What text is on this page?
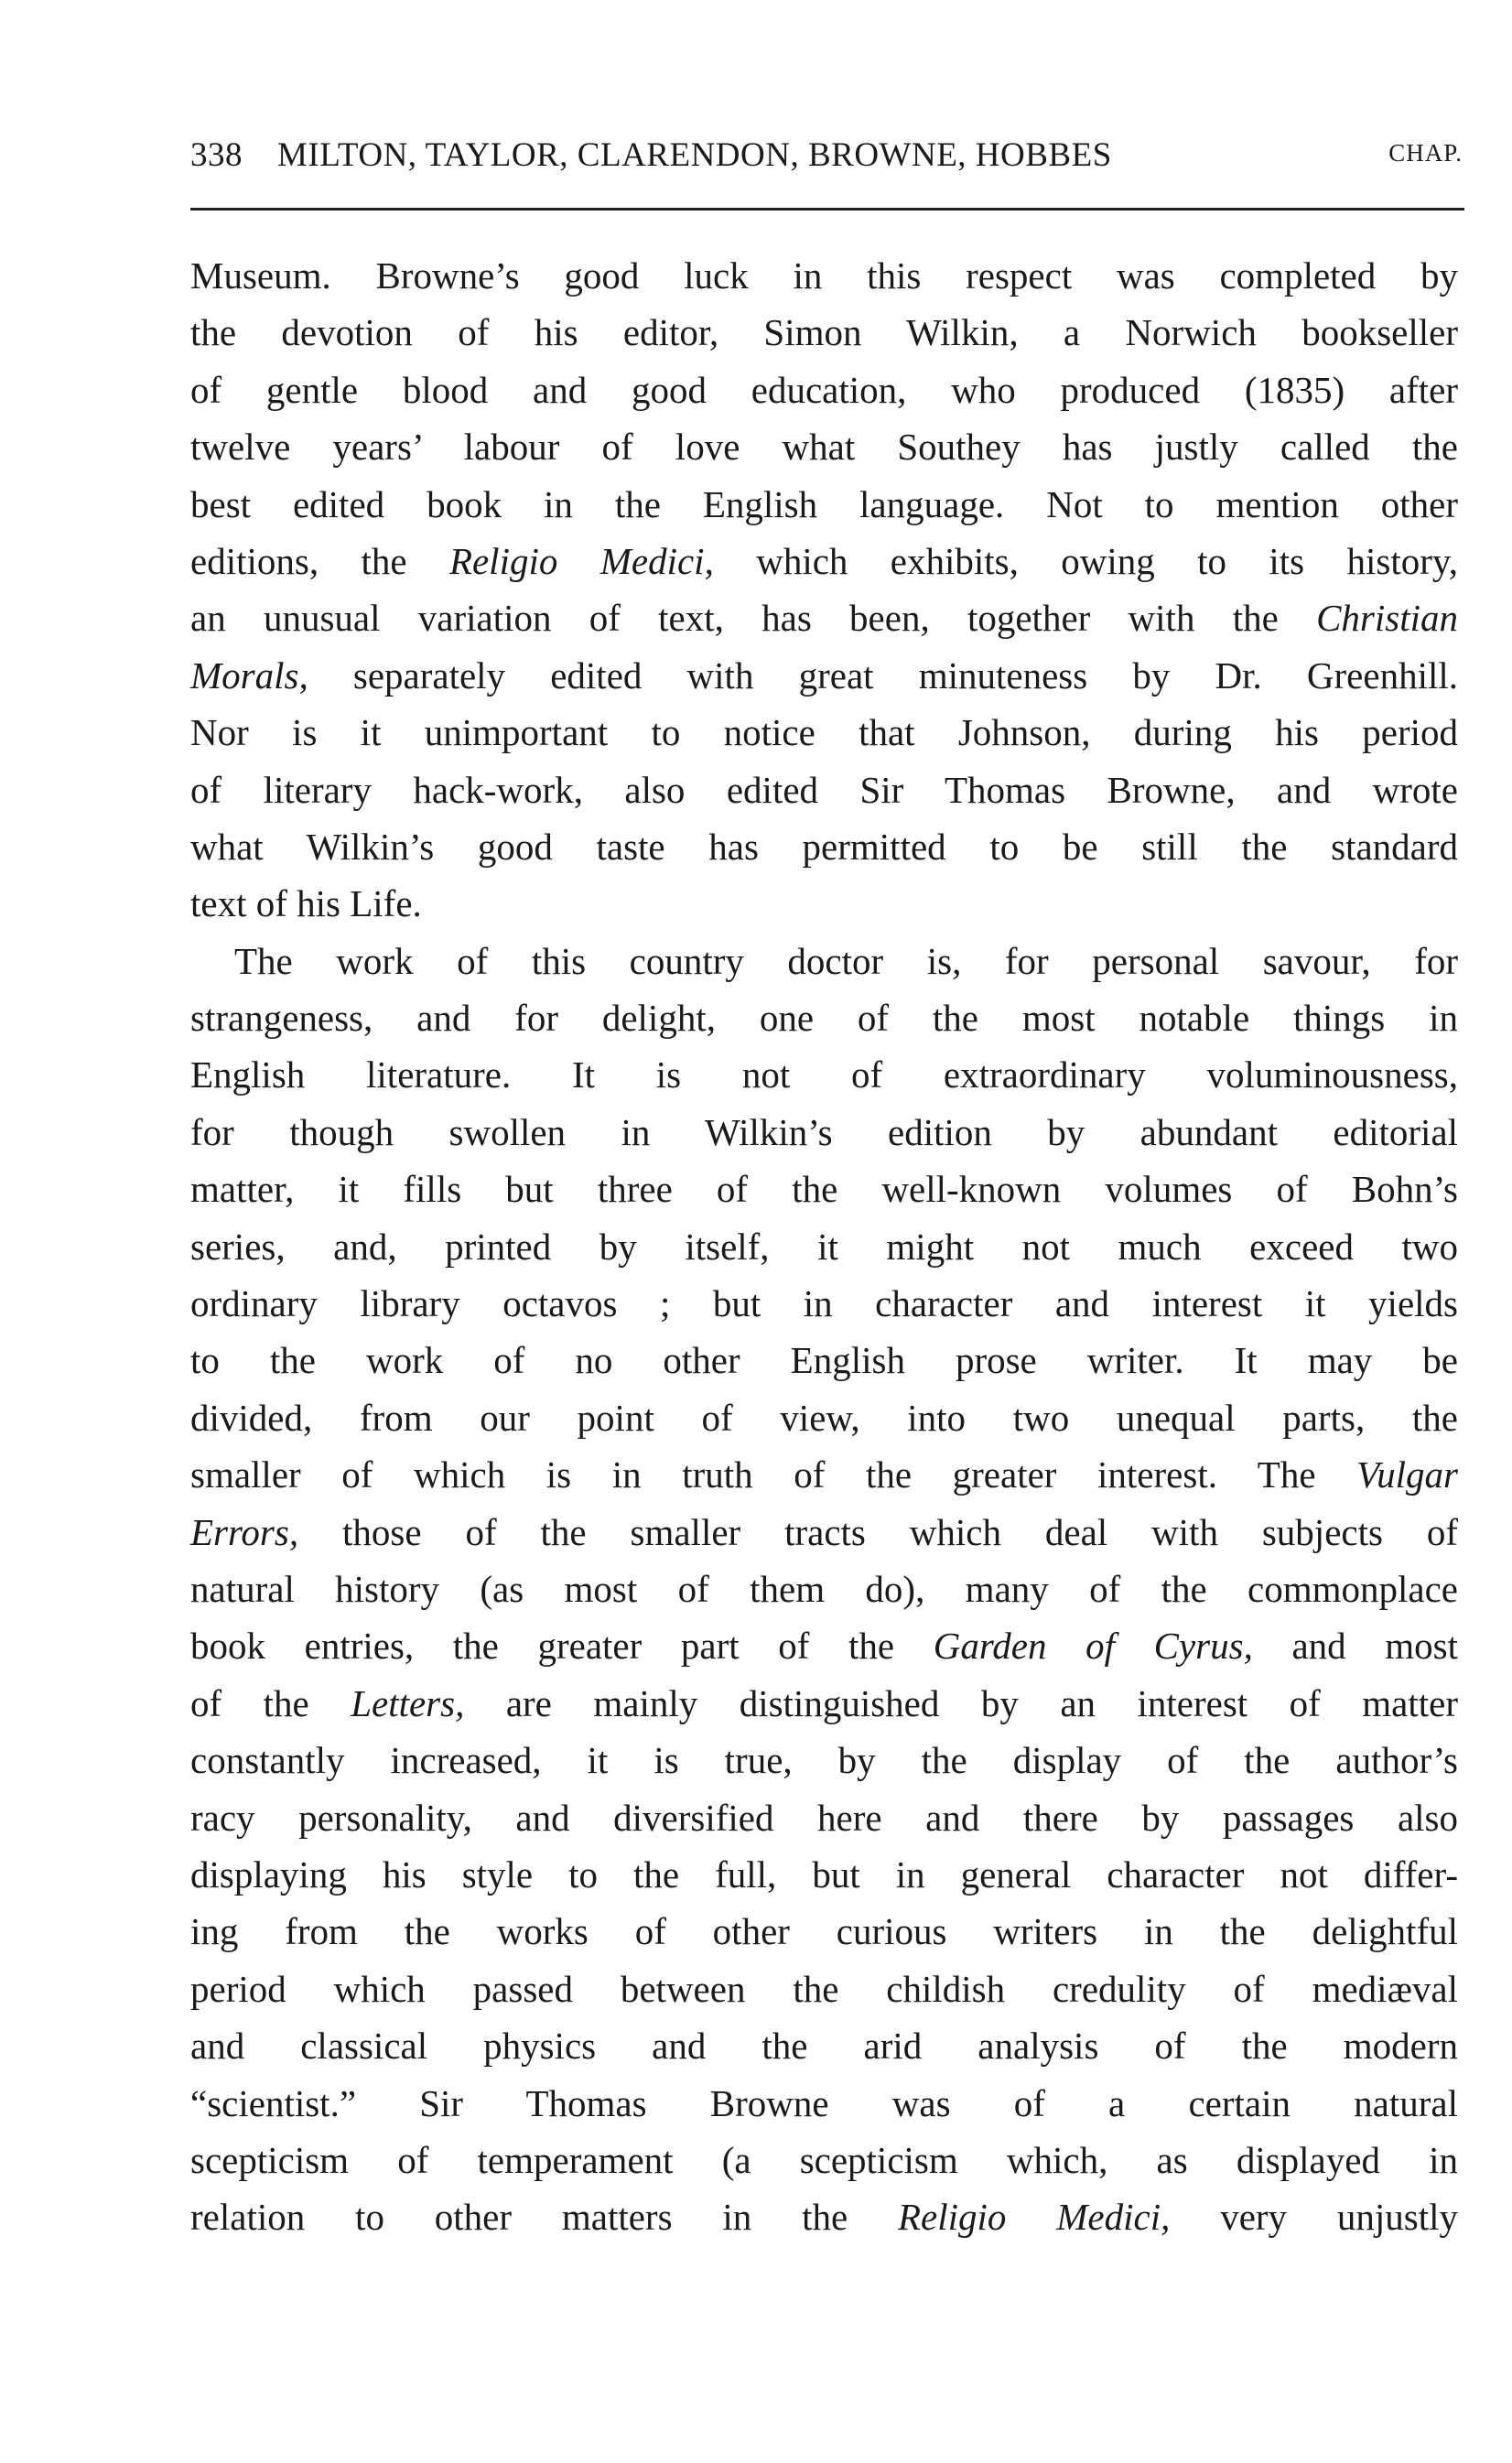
338 MILTON, TAYLOR, CLARENDON, BROWNE, HOBBES	CHAP.
Museum. Browne’s good luck in this respect was completed by
the devotion of his editor, Simon Wilkin, a Norwich bookseller
of gentle blood and good education, who produced (1835) after
twelve years’ labour of love what Southey has justly called the
best edited book in the English language. Not to mention other
editions, the Religio Medici, which exhibits, owing to its history,
an unusual variation of text, has been, together with the Christian
Morals, separately edited with great minuteness by Dr. Greenhill.
Nor is it unimportant to notice that Johnson, during his period
of literary hack-work, also edited Sir Thomas Browne, and wrote
what Wilkin’s good taste has permitted to be still the standard
text of his Life.
The work of this country doctor is, for personal savour, for
strangeness, and for delight, one of the most notable things in
English literature. It is not of extraordinary voluminousness,
for though swollen in Wilkin’s edition by abundant editorial
matter, it fills but three of the well-known volumes of Bohn’s
series, and, printed by itself, it might not much exceed two
ordinary library octavos ; but in character and interest it yields
to the work of no other English prose writer. It may be
divided, from our point of view, into two unequal parts, the
smaller of which is in truth of the greater interest. The Vulgar
Errors, those of the smaller tracts which deal with subjects of
natural history (as most of them do), many of the commonplace
book entries, the greater part of the Garden of Cyrus, and most
of the Letters, are mainly distinguished by an interest of matter
constantly increased, it is true, by the display of the author’s
racy personality, and diversified here and there by passages also
displaying his style to the full, but in general character not differ-
ing from the works of other curious writers in the delightful
period which passed between the childish credulity of mediæval
and classical physics and the arid analysis of the modern
“scientist.” Sir Thomas Browne was of a certain natural
scepticism of temperament (a scepticism which, as displayed in
relation to other matters in the Religio Medici, very unjustly
